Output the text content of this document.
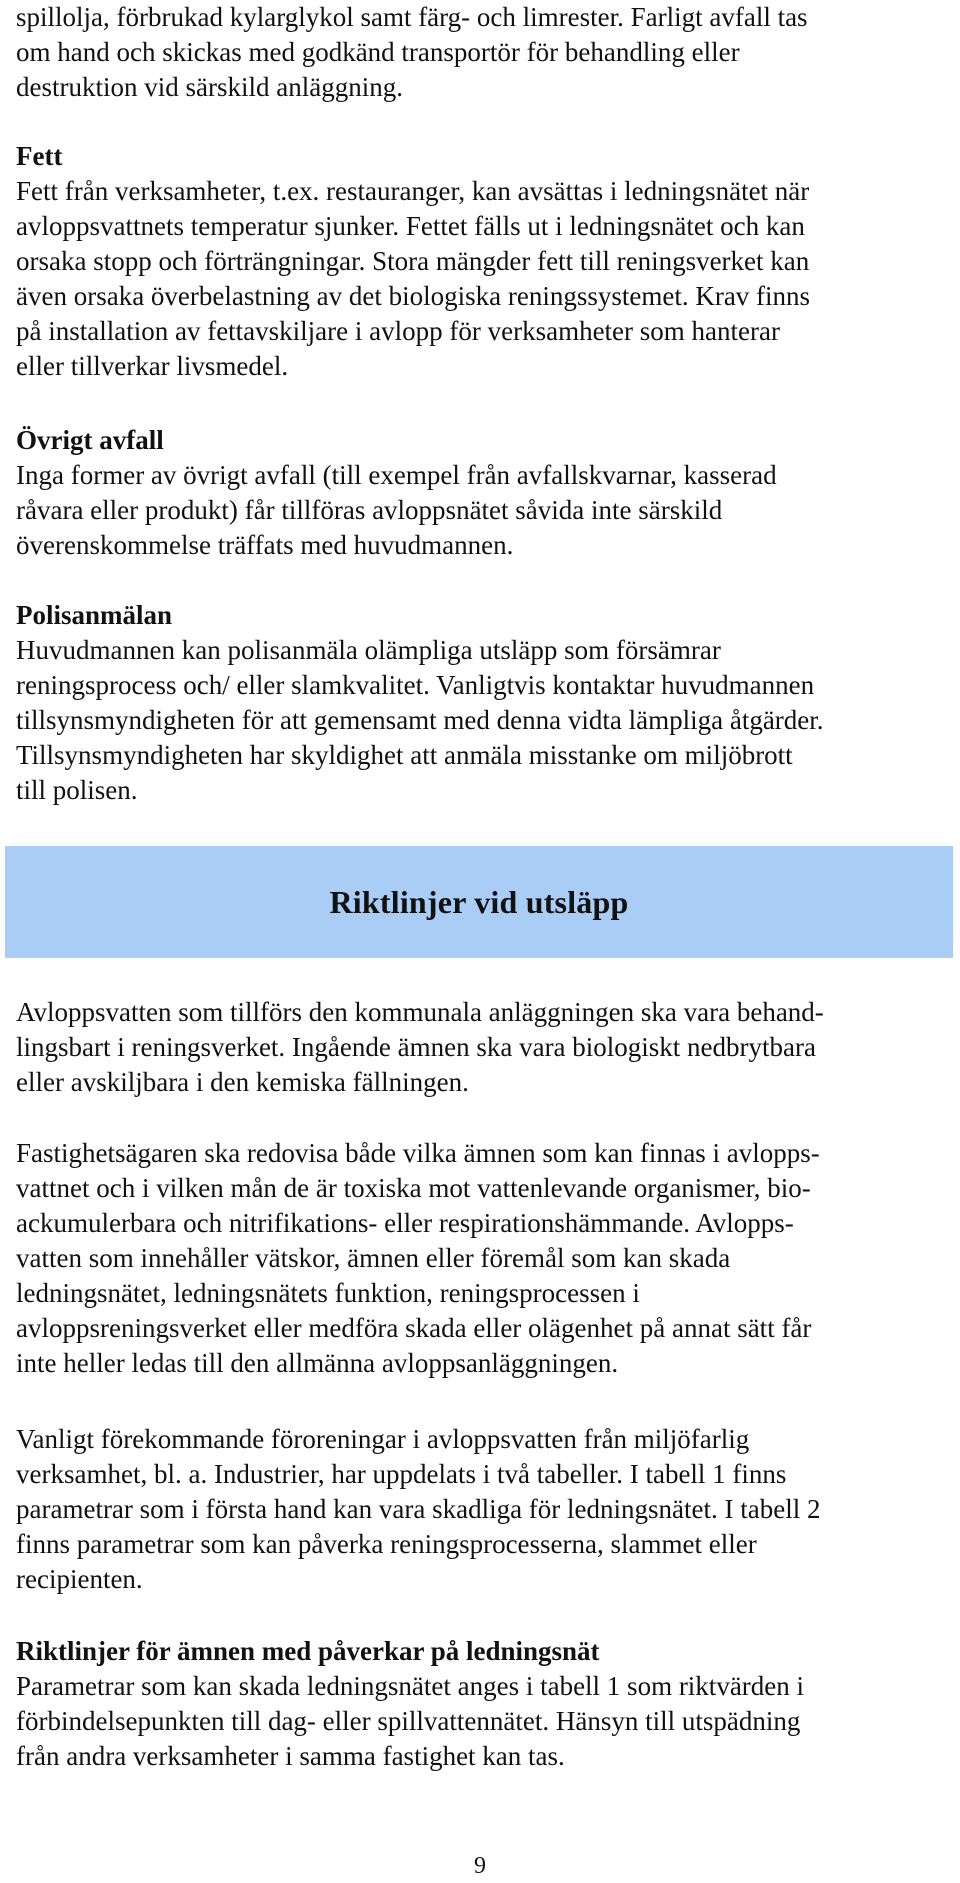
spillolja, förbrukad kylarglykol samt färg- och limrester. Farligt avfall tas
om hand och skickas med godkänd transportör för behandling eller
destruktion vid särskild anläggning.
Fett
Fett från verksamheter, t.ex. restauranger, kan avsättas i ledningsnätet när
avloppsvattnets temperatur sjunker. Fettet fälls ut i ledningsnätet och kan
orsaka stopp och förträngningar. Stora mängder fett till reningsverket kan
även orsaka överbelastning av det biologiska reningssystemet. Krav finns
på installation av fettavskiljare i avlopp för verksamheter som hanterar
eller tillverkar livsmedel.
Övrigt avfall
Inga former av övrigt avfall (till exempel från avfallskvarnar, kasserad
råvara eller produkt) får tillföras avloppsnätet såvida inte särskild
överenskommelse träffats med huvudmannen.
Polisanmälan
Huvudmannen kan polisanmäla olämpliga utsläpp som försämrar
reningsprocess och/ eller slamkvalitet. Vanligtvis kontaktar huvudmannen
tillsynsmyndigheten för att gemensamt med denna vidta lämpliga åtgärder.
Tillsynsmyndigheten har skyldighet att anmäla misstanke om miljöbrott
till polisen.
Riktlinjer vid utsläpp
Avloppsvatten som tillförs den kommunala anläggningen ska vara behand-
lingsbart i reningsverket. Ingående ämnen ska vara biologiskt nedbrytbara
eller avskiljbara i den kemiska fällningen.
Fastighetsägaren ska redovisa både vilka ämnen som kan finnas i avlopps-
vattnet och i vilken mån de är toxiska mot vattenlevande organismer, bio-
ackumulerbara och nitrifikations- eller respirationshämmande. Avlopps-
vatten som innehåller vätskor, ämnen eller föremål som kan skada
ledningsnätet, ledningsnätets funktion, reningsprocessen i
avloppsreningsverket eller medföra skada eller olägenhet på annat sätt får
inte heller ledas till den allmänna avloppsanläggningen.
Vanligt förekommande föroreningar i avloppsvatten från miljöfarlig
verksamhet, bl. a. Industrier, har uppdelats i två tabeller. I tabell 1 finns
parametrar som i första hand kan vara skadliga för ledningsnätet. I tabell 2
finns parametrar som kan påverka reningsprocesserna, slammet eller
recipienten.
Riktlinjer för ämnen med påverkar på ledningsnät
Parametrar som kan skada ledningsnätet anges i tabell 1 som riktvärden i
förbindelsepunkten till dag- eller spillvattennätet. Hänsyn till utspädning
från andra verksamheter i samma fastighet kan tas.
9
